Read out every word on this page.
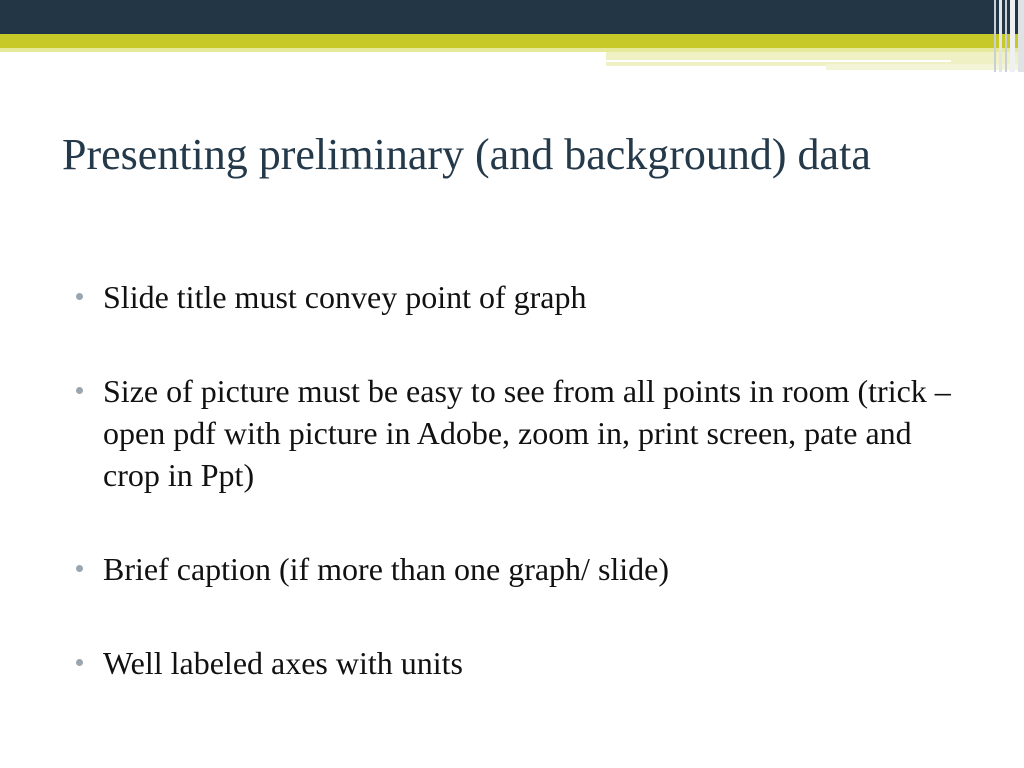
Presenting preliminary (and background) data
Slide title must convey point of graph
Size of picture must be easy to see from all points in room (trick – open pdf with picture in Adobe, zoom in, print screen, pate and crop in Ppt)
Brief caption (if more than one graph/ slide)
Well labeled axes with units
